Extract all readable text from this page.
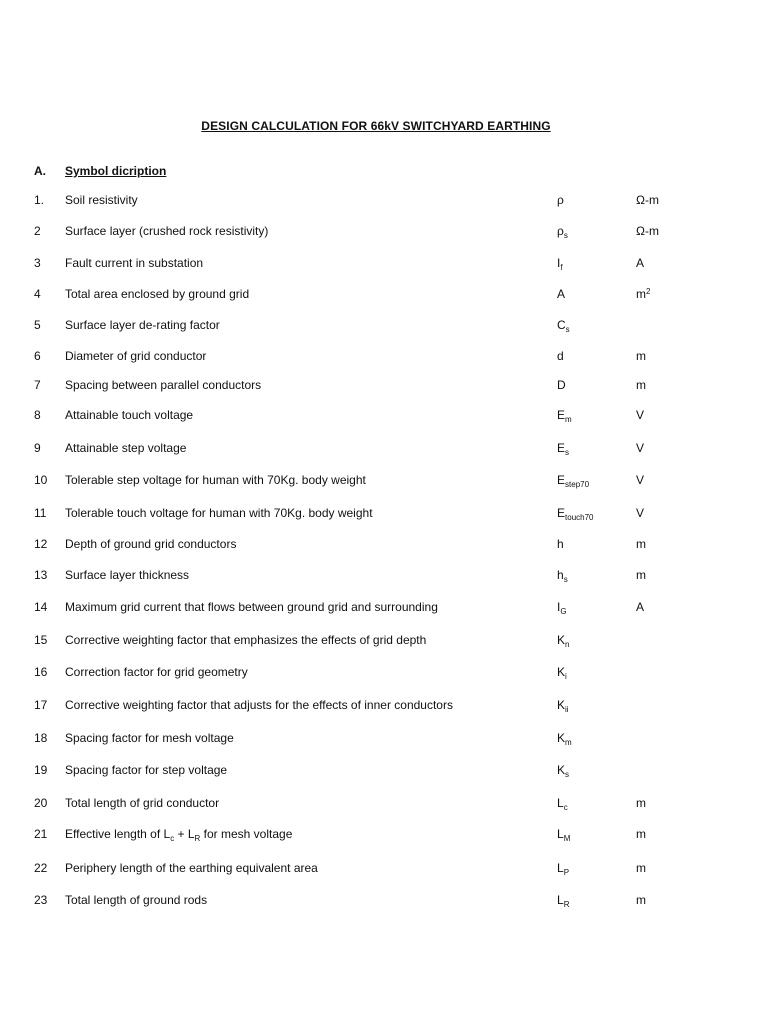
DESIGN CALCULATION FOR 66kV SWITCHYARD EARTHING
A. Symbol dicription
1. Soil resistivity	ρ	Ω-m
2 Surface layer (crushed rock resistivity)	$\rho_s$	Ω-m
3 Fault current in substation	$I_f$	A
4 Total area enclosed by ground grid	A	$m^2$
5 Surface layer de-rating factor	$C_s$
6 Diameter of grid conductor	d	m
7 Spacing between parallel conductors	D	m
8 Attainable touch voltage	$E_m$	V
9 Attainable step voltage	$E_s$	V
10 Tolerable step voltage for human with 70Kg. body weight	$E_{step70}$	V
11 Tolerable touch voltage for human with 70Kg. body weight	$E_{touch70}$	V
12 Depth of ground grid conductors	h	m
13 Surface layer thickness	$h_s$	m
14 Maximum grid current that flows between ground grid and surrounding	$I_G$	A
15 Corrective weighting factor that emphasizes the effects of grid depth	$K_n$
16 Correction factor for grid geometry	$K_i$
17 Corrective weighting factor that adjusts for the effects of inner conductors	$K_{ii}$
18 Spacing factor for mesh voltage	$K_m$
19 Spacing factor for step voltage	$K_s$
20 Total length of grid conductor	$L_c$	m
21 Effective length of $L_c + L_R$ for mesh voltage	$L_M$	m
22 Periphery length of the earthing equivalent area	$L_P$	m
23 Total length of ground rods	$L_R$	m
